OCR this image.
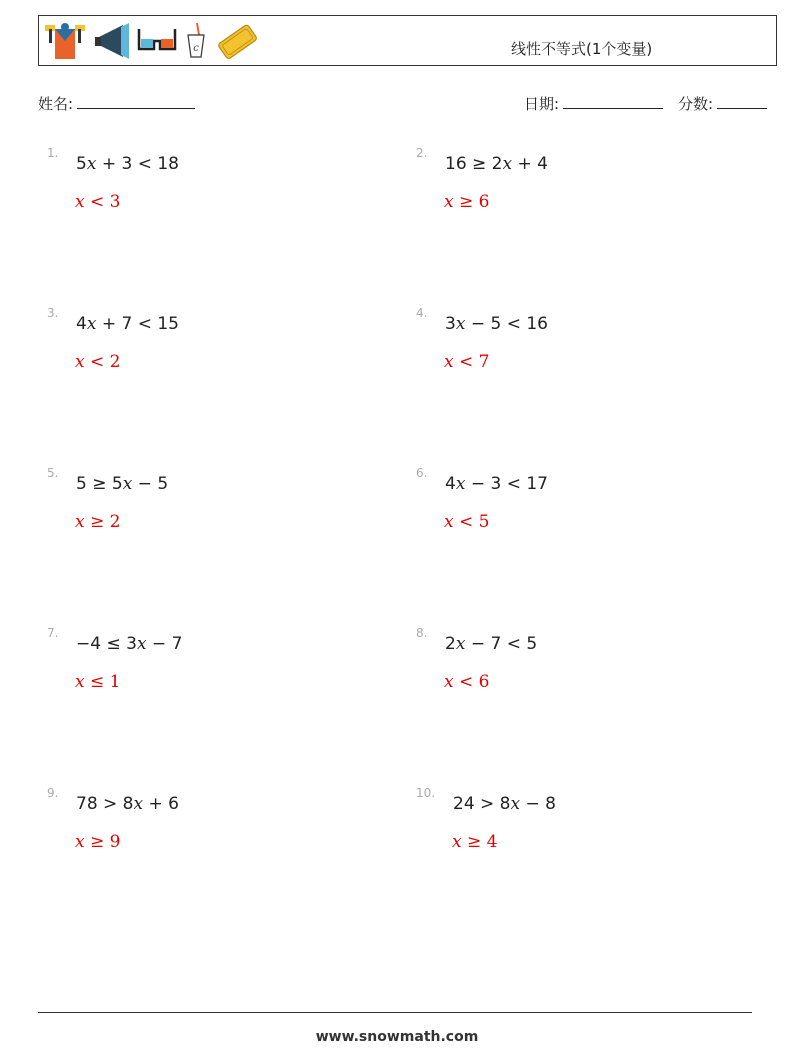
c	线性不等式(1个变量)
姓名:	日期:	分数:
1.
5x + 3 < 18
x < 3
2.
16 ≥ 2x + 4
x ≥ 6
3.
4x + 7 < 15
x < 2
4.
3x − 5 < 16
x < 7
5.
5 ≥ 5x − 5
x ≥ 2
6.
4x − 3 < 17
x < 5
7.
−4 ≤ 3x − 7
x ≤ 1
8.
2x − 7 < 5
x < 6
9.
78 > 8x + 6
x ≥ 9
10.
24 > 8x − 8
x ≥ 4
www.snowmath.com
